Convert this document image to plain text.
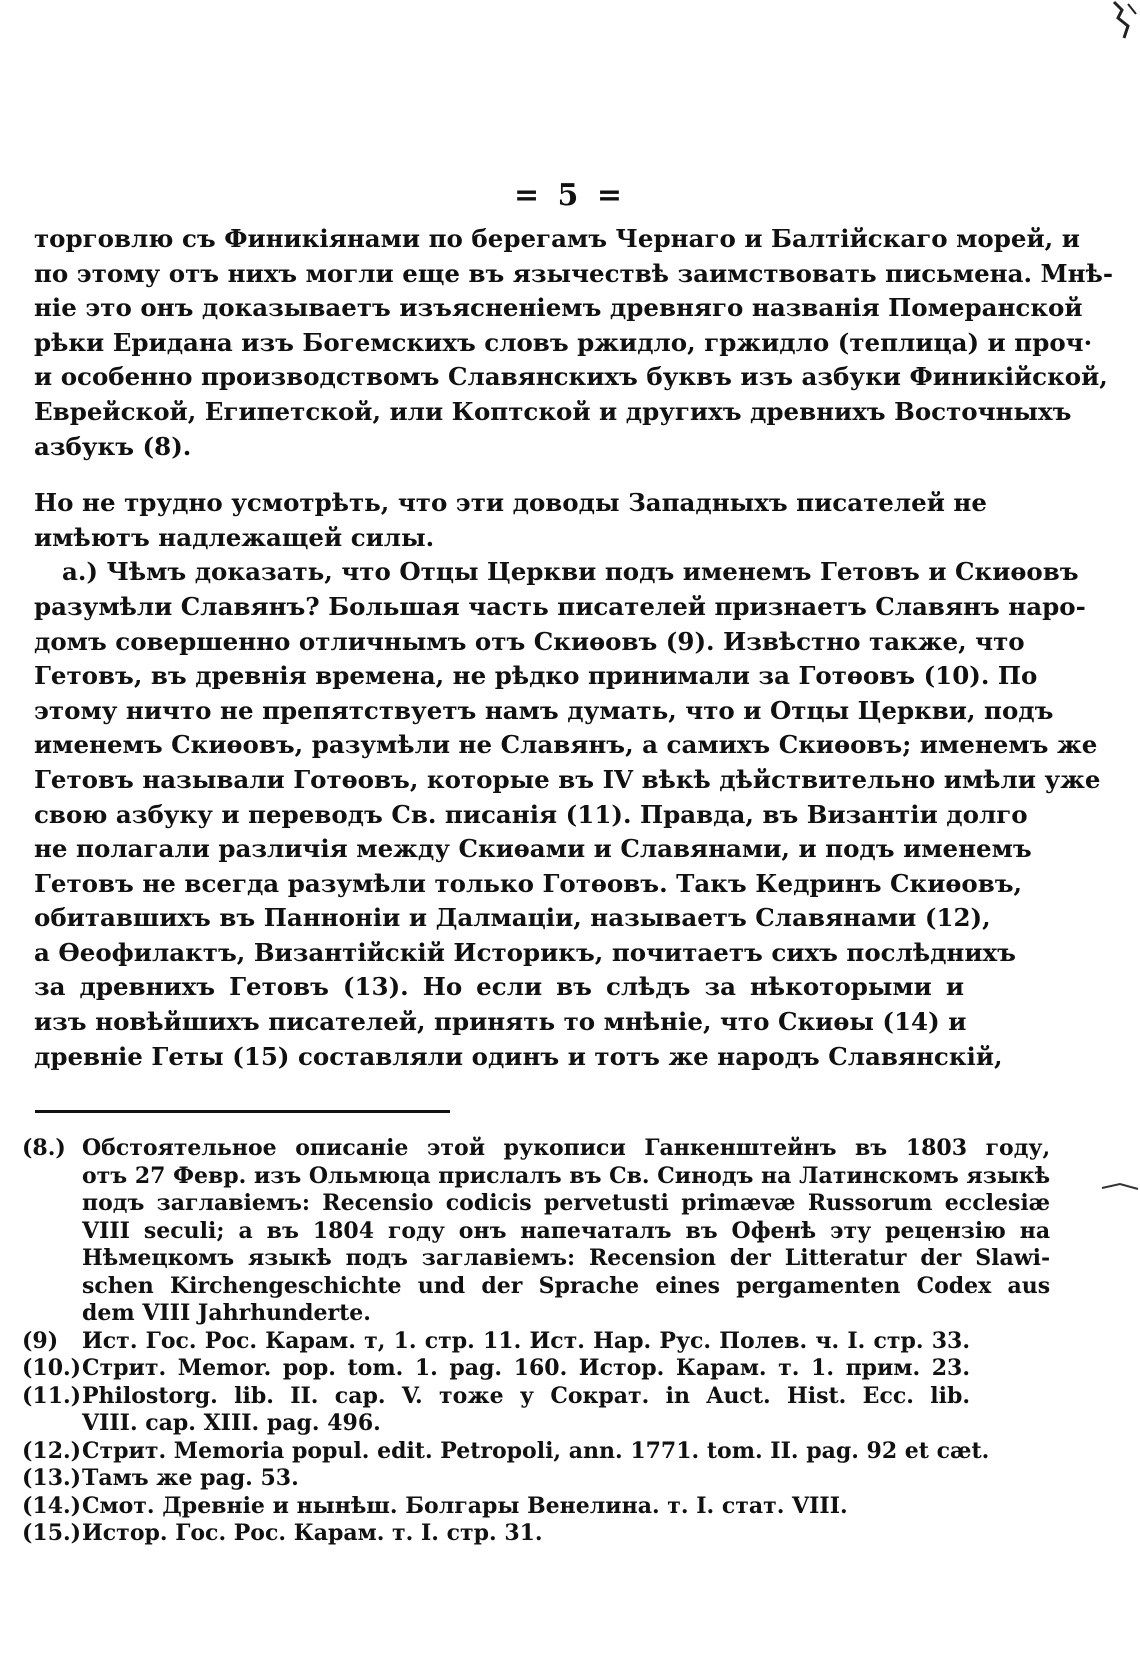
= 5 =
торговлю съ Финикіянами по берегамъ Чернаго и Балтійскаго морей, и
по этому отъ нихъ могли еще въ язычествѣ заимствовать письмена. Мнѣ-
ніе это онъ доказываетъ изъясненіемъ древняго названія Померанской
рѣки Еридана изъ Богемскихъ словъ ржидло, гржидло (теплица) и проч·
и особенно производствомъ Славянскихъ буквъ изъ азбуки Финикійской,
Еврейской, Египетской, или Коптской и другихъ древнихъ Восточныхъ
азбукъ (8).
Но не трудно усмотрѣть, что эти доводы Западныхъ писателей не
имѣютъ надлежащей силы.
а.) Чѣмъ доказать, что Отцы Церкви подъ именемъ Гетовъ и Скиѳовъ
разумѣли Славянъ? Большая часть писателей признаетъ Славянъ наро-
домъ совершенно отличнымъ отъ Скиѳовъ (9). Извѣстно также, что
Гетовъ, въ древнія времена, не рѣдко принимали за Готѳовъ (10). По
этому ничто не препятствуетъ намъ думать, что и Отцы Церкви, подъ
именемъ Скиѳовъ, разумѣли не Славянъ, а самихъ Скиѳовъ; именемъ же
Гетовъ называли Готѳовъ, которые въ IV вѣкѣ дѣйствительно имѣли уже
свою азбуку и переводъ Св. писанія (11). Правда, въ Византіи долго
не полагали различія между Скиѳами и Славянами, и подъ именемъ
Гетовъ не всегда разумѣли только Готѳовъ. Такъ Кедринъ Скиѳовъ,
обитавшихъ въ Панноніи и Далмаціи, называетъ Славянами (12),
а Ѳеофилактъ, Византійскій Историкъ, почитаетъ сихъ послѣднихъ
за древнихъ Гетовъ (13). Но если въ слѣдъ за нѣкоторыми и
изъ новѣйшихъ писателей, принять то мнѣніе, что Скиѳы (14) и
древніе Геты (15) составляли одинъ и тотъ же народъ Славянскій,
(8.) Обстоятельное описаніе этой рукописи Ганкенштейнъ въ 1803 году,
отъ 27 Февр. изъ Ольмюца прислалъ въ Св. Синодъ на Латинскомъ языкѣ
подъ заглавіемъ: Recensio codicis pervetusti primævæ Russorum ecclesiæ
VIII seculi; а въ 1804 году онъ напечаталъ въ Офенѣ эту рецензію на
Нѣмецкомъ языкѣ подъ заглавіемъ: Recension der Litteratur der Slawi-
schen Kirchengeschichte und der Sprache eines pergamenten Codex aus
dem VIII Jahrhunderte.
(9)	Ист. Гос. Рос. Карам. т, 1. стр. 11. Ист. Нар. Рус. Полев. ч. I. стр. 33.
(10.) Стрит. Memor. pop. tom. 1. pag. 160. Истор. Карам. т. 1. прим. 23.
(11.) Philostorg. lib. II. cap. V. тоже у Сократ. in Auct. Hist. Ecc. lib.
VIII. cap. XIII. pag. 496.
(12.) Стрит. Memoria popul. edit. Petropoli, ann. 1771. tom. II. pag. 92 et cæt.
(13.) Тамъ же pag. 53.
(14.) Смот. Древніе и нынѣш. Болгары Венелина. т. I. стат. VIII.
(15.) Истор. Гос. Рос. Карам. т. I. стр. 31.
